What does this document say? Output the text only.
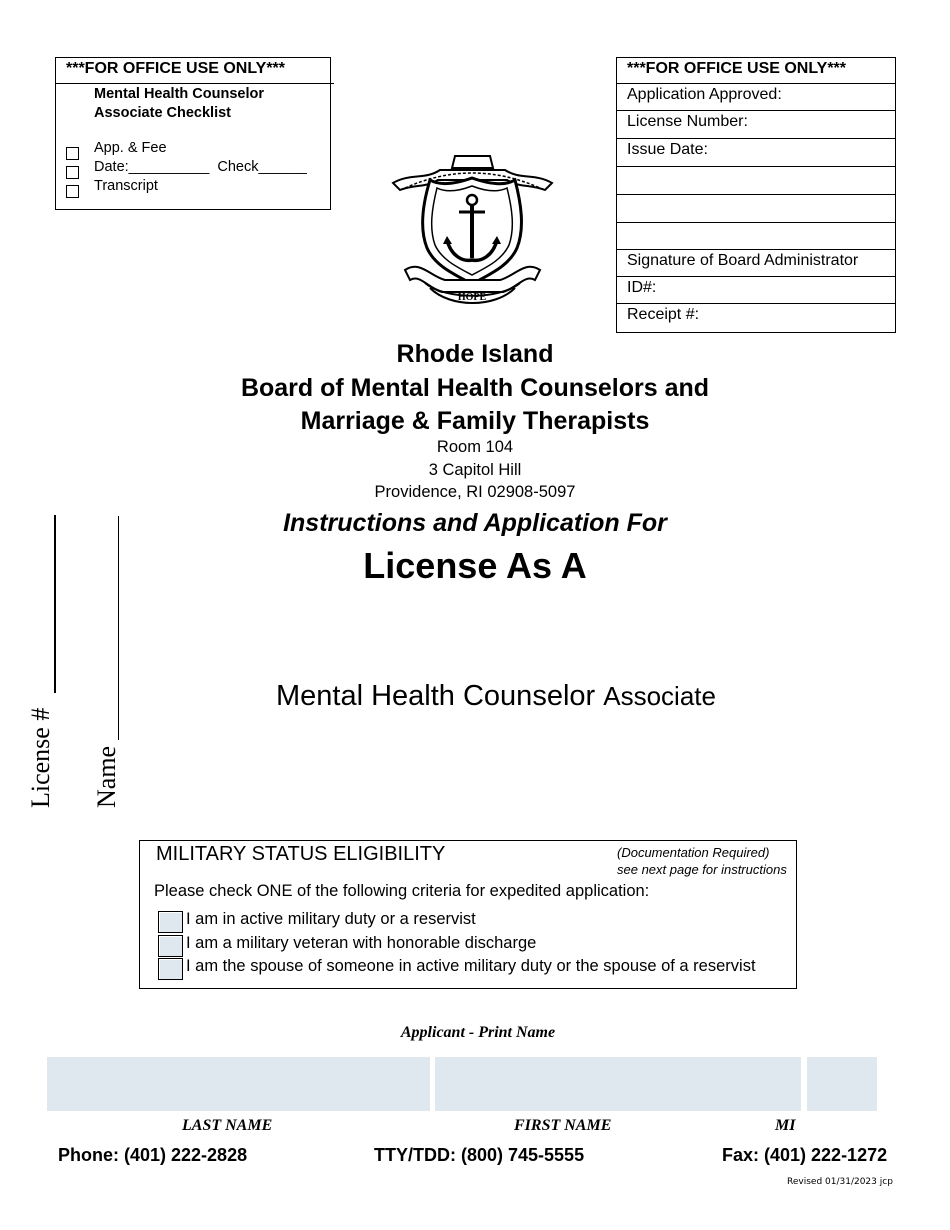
***FOR OFFICE USE ONLY***
Mental Health Counselor
Associate Checklist
App. & Fee
Date:__________  Check______
Transcript
***FOR OFFICE USE ONLY***
Application Approved:
License Number:
Issue Date:
Signature of Board Administrator
ID#:
Receipt #:
HOPE
Rhode Island
Board of Mental Health Counselors and
Marriage & Family Therapists
Room 104
3 Capitol Hill
Providence, RI 02908-5097
Instructions and Application For
License As A
Mental Health Counselor Associate
License # Name
MILITARY STATUS ELIGIBILITY	(Documentation Required)
see next page for instructions
Please check ONE of the following criteria for expedited application:
I am in active military duty or a reservist
I am a military veteran with honorable discharge
I am the spouse of someone in active military duty or the spouse of a reservist
Applicant - Print Name
LAST NAME	FIRST NAME	MI
Phone: (401) 222-2828	TTY/TDD: (800) 745-5555	Fax: (401) 222-1272
Revised 01/31/2023 jcp
